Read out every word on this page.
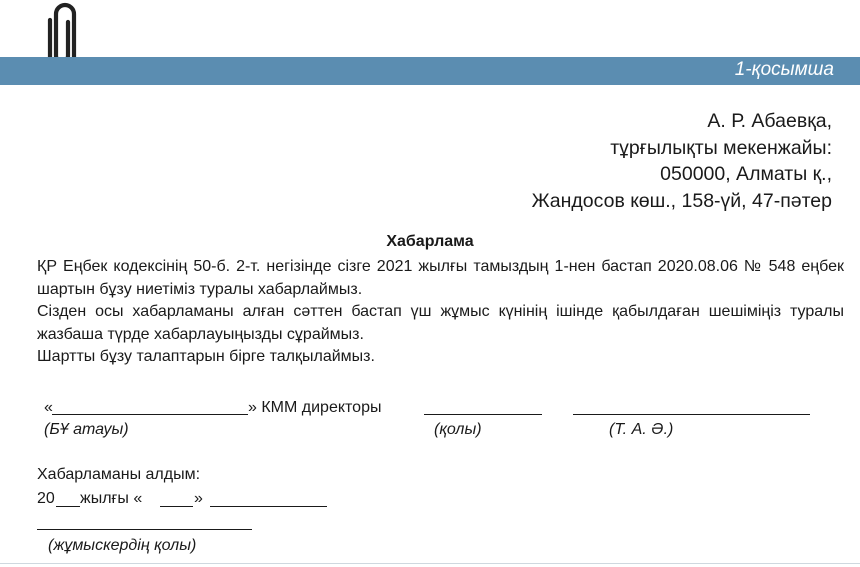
1-қосымша
А. Р. Абаевқа,
тұрғылықты мекенжайы:
050000, Алматы қ.,
Жандосов көш., 158-үй, 47-пәтер
Хабарлама

ҚР Еңбек кодексінің 50-б. 2-т. негізінде сізге 2021 жылғы тамыздың 1-нен бастап 2020.08.06 № 548 еңбек шартын бұзу ниетіміз туралы хабарлаймыз.

Сізден осы хабарламаны алған сәттен бастап үш жұмыс күнінің ішінде қабылдаған шешіміңіз туралы жазбаша түрде хабарлауыңызды сұраймыз.

Шартты бұзу талаптарын бірге талқылаймыз.

«	» КММ директоры
(БҰ атауы)	(қолы)	(Т. А. Ә.)
Хабарламаны алдым:
20 жылғы «	»
(жұмыскердің қолы)
